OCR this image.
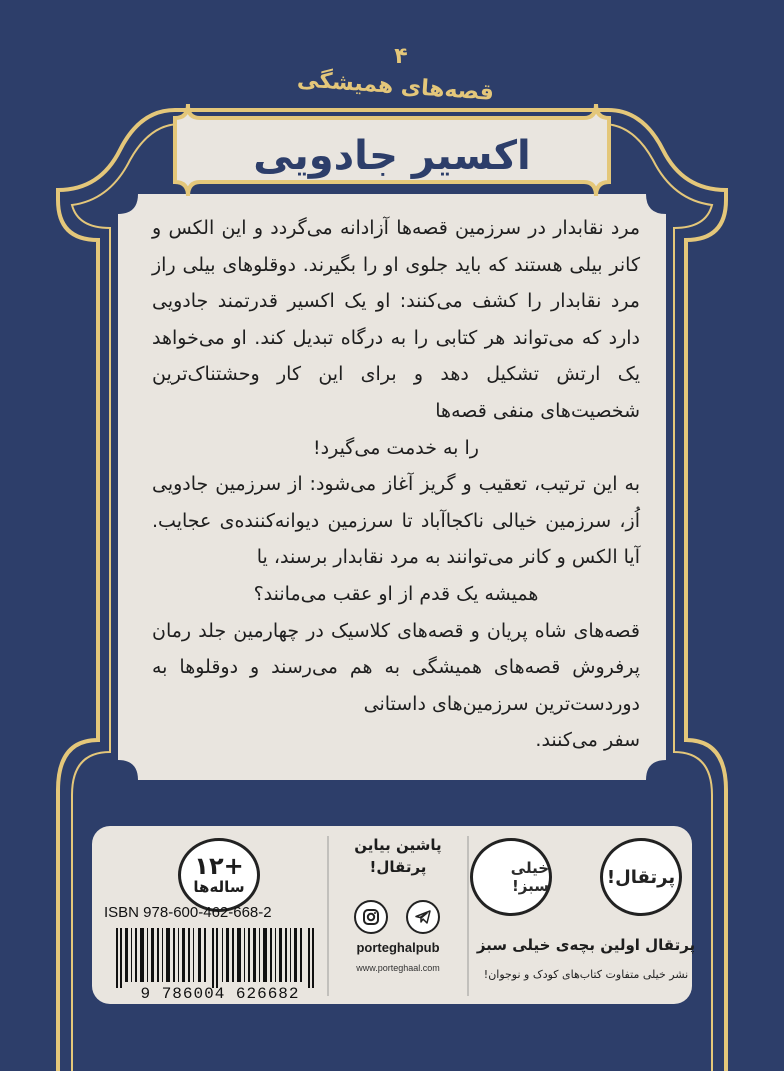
۴
قصه‌های همیشگی
اکسیر جادویی

مرد نقابدار در سرزمین قصه‌ها آزادانه می‌گردد و این الکس و کانر بیلی هستند که باید جلوی او را بگیرند. دوقلوهای بیلی راز مرد نقابدار را کشف می‌کنند: او یک اکسیر قدرتمند جادویی دارد که می‌تواند هر کتابی را به درگاه تبدیل کند. او می‌خواهد یک ارتش تشکیل دهد و برای این کار وحشتناک‌ترین شخصیت‌های منفی قصه‌ها

را به خدمت می‌گیرد!

به این ترتیب، تعقیب و گریز آغاز می‌شود: از سرزمین جادویی اُز، سرزمین خیالی ناکجاآباد تا سرزمین دیوانه‌کننده‌ی عجایب. آیا الکس و کانر می‌توانند به مرد نقابدار برسند، یا

همیشه یک قدم از او عقب می‌مانند؟

قصه‌های شاه پریان و قصه‌های کلاسیک در چهارمین جلد رمان پرفروش قصه‌های همیشگی به هم می‌رسند و دوقلوها به دوردست‌ترین سرزمین‌های داستانی

سفر می‌کنند.

+۱۲
ساله‌ها
ISBN 978-600-462-668-2
9 786004 626682
پاشین بیاین
پرتقال!
porteghalpub
www.porteghaal.com
خیلی سبز!	پرتقال!
پرتقال اولین بچه‌ی خیلی سبز
نشر خیلی متفاوت کتاب‌های کودک و نوجوان!
